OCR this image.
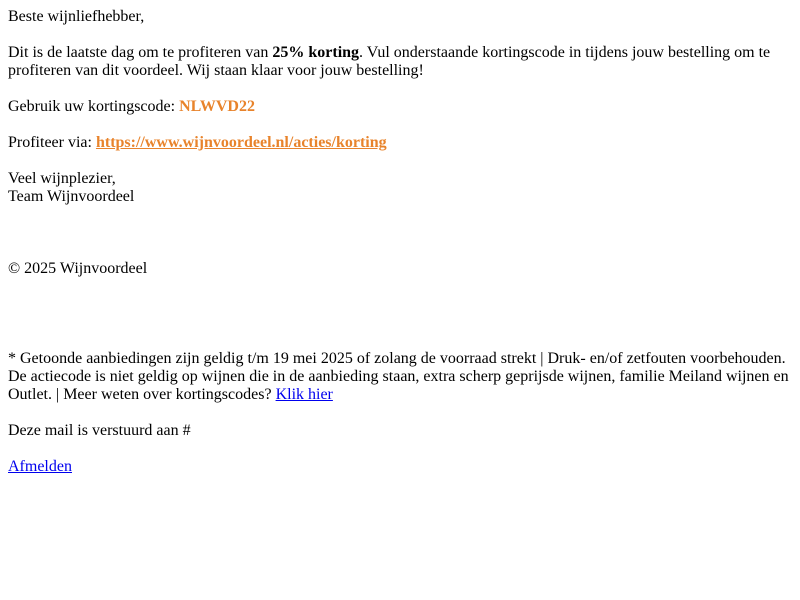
Beste wijnliefhebber,

Dit is de laatste dag om te profiteren van 25% korting. Vul onderstaande kortingscode in tijdens jouw bestelling om te profiteren van dit voordeel. Wij staan klaar voor jouw bestelling!

Gebruik uw kortingscode: NLWVD22

Profiteer via: https://www.wijnvoordeel.nl/acties/korting

Veel wijnplezier,
Team Wijnvoordeel

© 2025 Wijnvoordeel

* Getoonde aanbiedingen zijn geldig t/m 19 mei 2025 of zolang de voorraad strekt | Druk- en/of zetfouten voorbehouden. De actiecode is niet geldig op wijnen die in de aanbieding staan, extra scherp geprijsde wijnen, familie Meiland wijnen en Outlet. | Meer weten over kortingscodes? Klik hier

Deze mail is verstuurd aan #

Afmelden
